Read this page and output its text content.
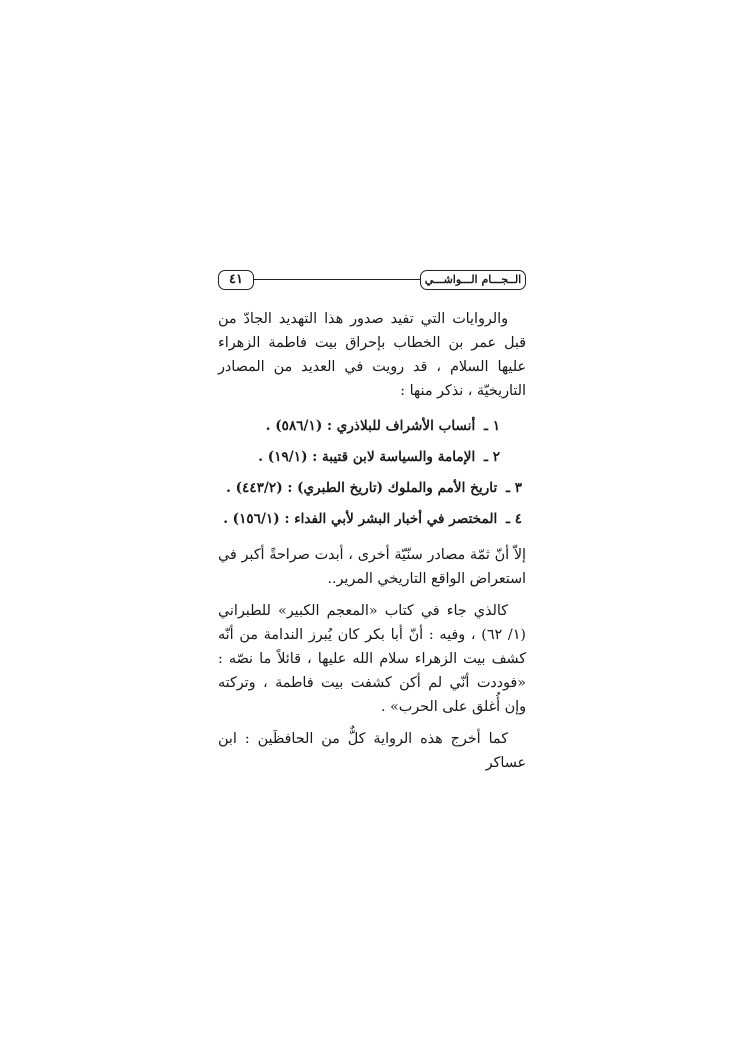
٤١	الــجـــام الـــواشـــي

والروايات التي تفيد صدور هذا التهديد الجادّ من قبل عمر بن الخطاب بإحراق بيت فاطمة الزهراء عليها السلام ، قد رويت في العديد من المصادر التاريخيّة ، نذكر منها :

١ ـ أنساب الأشراف للبلاذري : (٥٨٦/١) .
٢ ـ الإمامة والسياسة لابن قتيبة : (١٩/١) .
٣ ـ تاريخ الأمم والملوك (تاريخ الطبري) : (٤٤٣/٢) .
٤ ـ المختصر في أخبار البشر لأبي الفداء : (١٥٦/١) .

إلاّ أنّ ثمّة مصادر سنّيّة أخرى ، أبدت صراحةً أكبر في استعراض الواقع التاريخي المرير..

كالذي جاء في كتاب «المعجم الكبير» للطبراني (١/ ٦٢) ، وفيه : أنّ أبا بكر كان يُبرز الندامة من أنّه كشف بيت الزهراء سلام الله عليها ، قائلاً ما نصّه : «فوددت أنّي لم أكن كشفت بيت فاطمة ، وتركته وإن أُغلق على الحرب» .

كما أخرج هذه الرواية كلٌّ من الحافظَين : ابن عساكر
